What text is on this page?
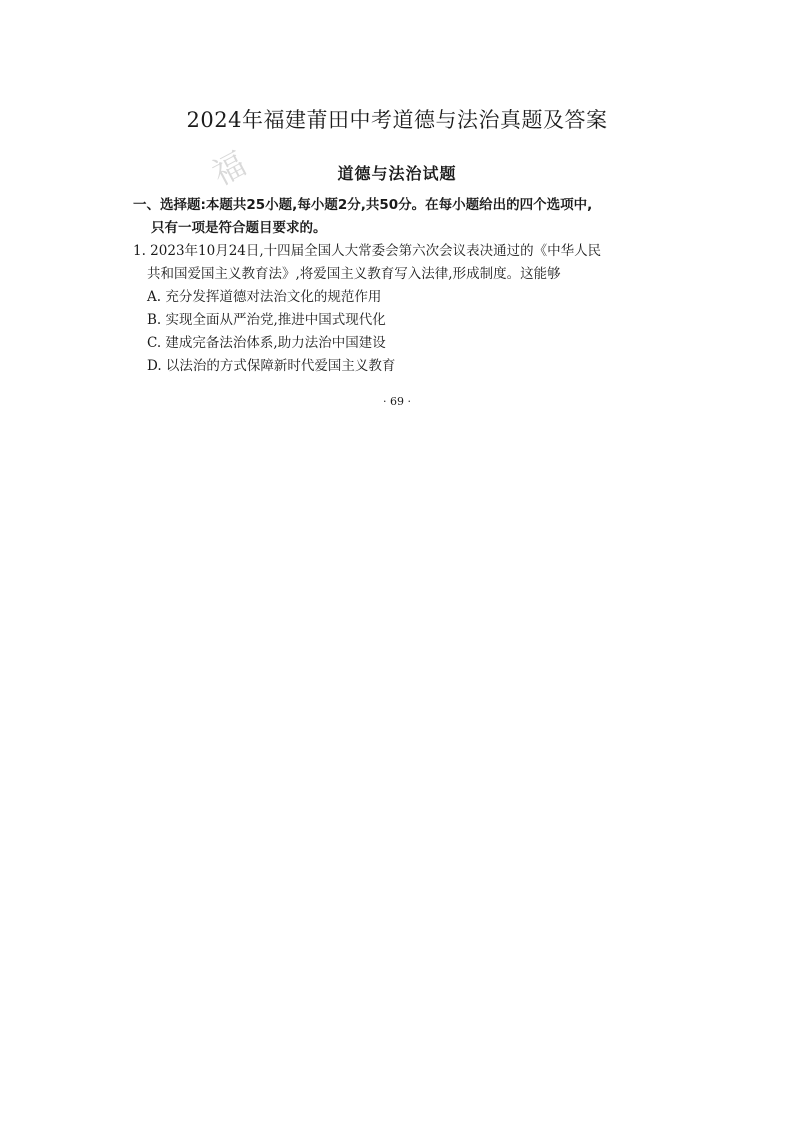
2024年福建莆田中考道德与法治真题及答案
福	道德与法治试题
一、选择题:本题共25小题,每小题2分,共50分。在每小题给出的四个选项中,
只有一项是符合题目要求的。
1. 2023年10月24日,十四届全国人大常委会第六次会议表决通过的《中华人民
共和国爱国主义教育法》,将爱国主义教育写入法律,形成制度。这能够
A. 充分发挥道德对法治文化的规范作用
B. 实现全面从严治党,推进中国式现代化
C. 建成完备法治体系,助力法治中国建设
D. 以法治的方式保障新时代爱国主义教育
· 69 ·
